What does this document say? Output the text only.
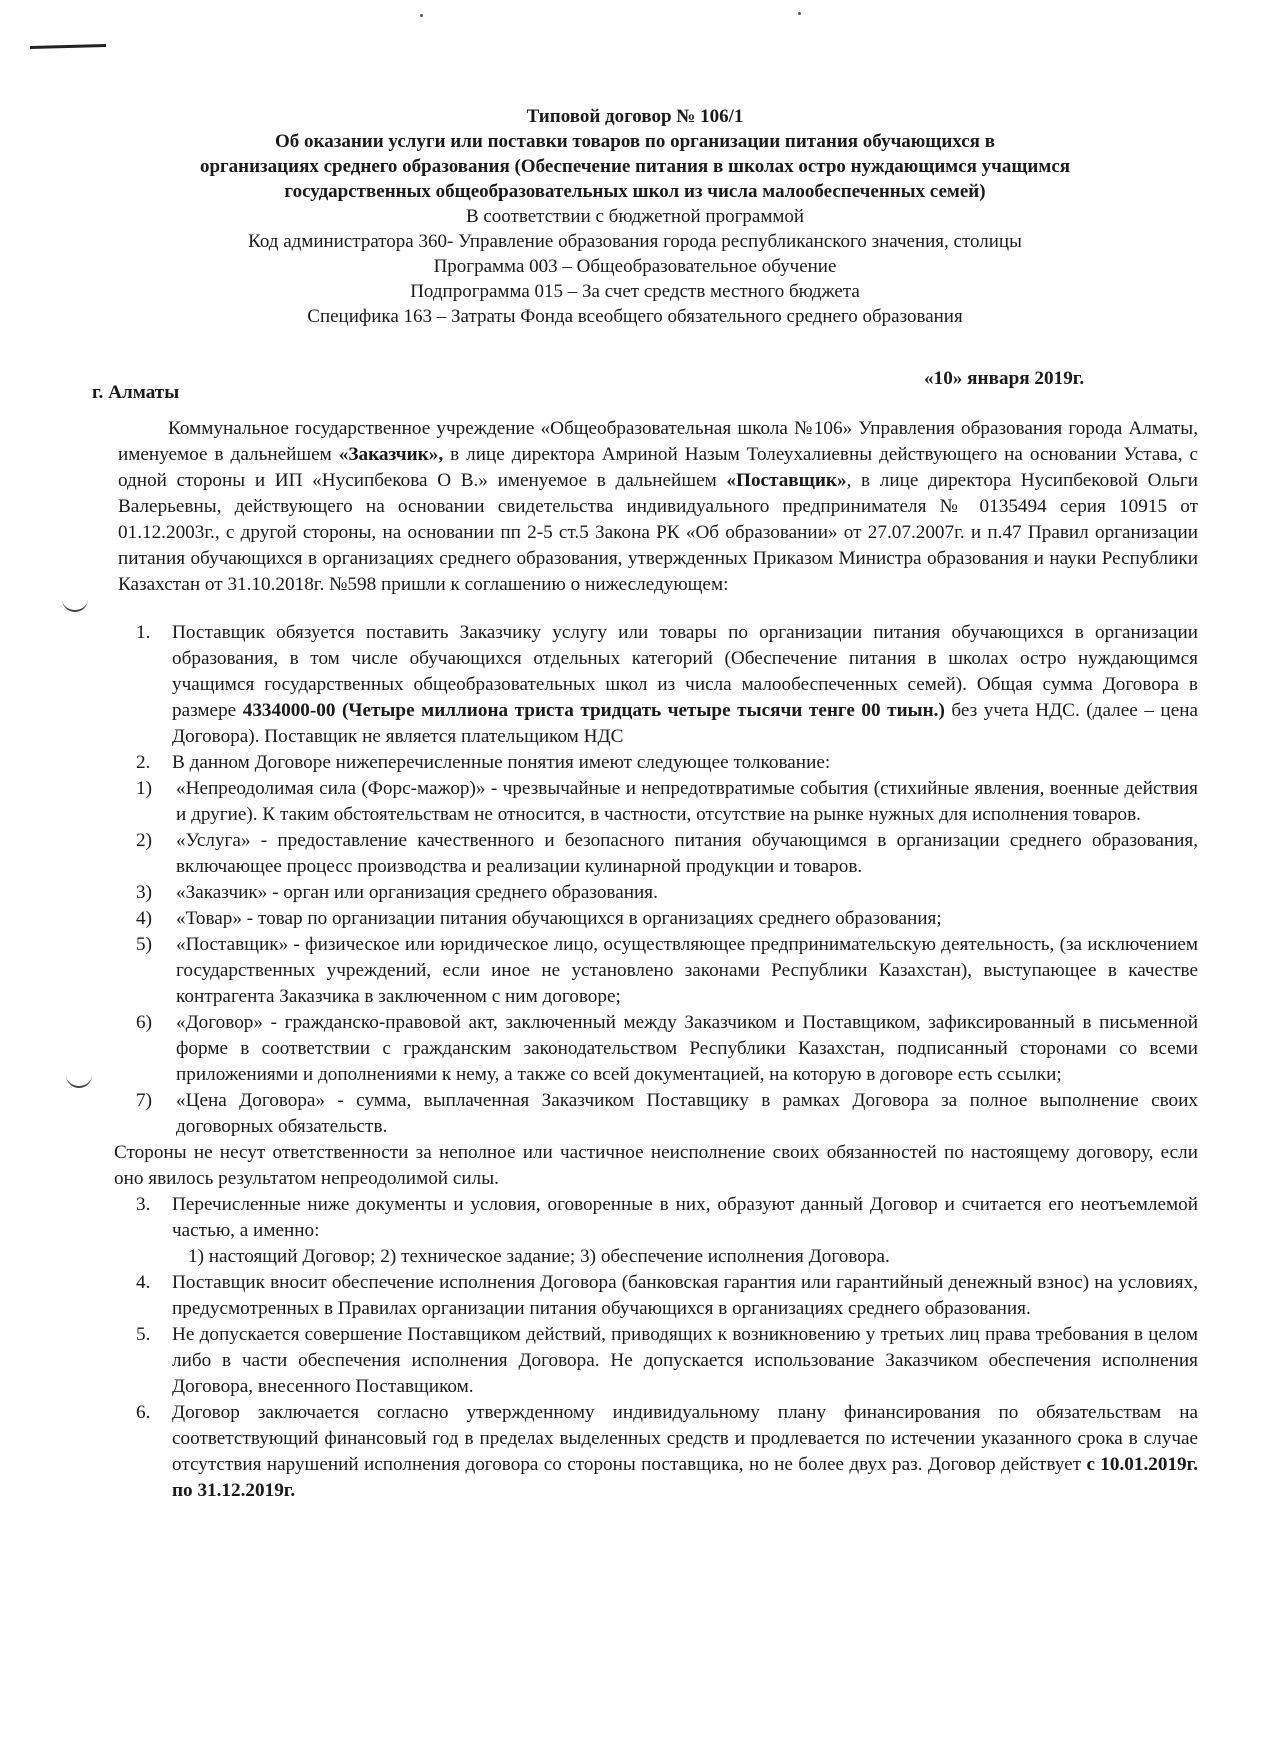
Типовой договор № 106/1
Об оказании услуги или поставки товаров по организации питания обучающихся в
организациях среднего образования (Обеспечение питания в школах остро нуждающимся учащимся
государственных общеобразовательных школ из числа малообеспеченных семей)
В соответствии с бюджетной программой
Код администратора 360- Управление образования города республиканского значения, столицы
Программа 003 – Общеобразовательное обучение
Подпрограмма 015 – За счет средств местного бюджета
Специфика 163 – Затраты Фонда всеобщего обязательного среднего образования
г. Алматы
«10» января 2019г.

Коммунальное государственное учреждение «Общеобразовательная школа №106» Управления образования города Алматы, именуемое в дальнейшем «Заказчик», в лице директора Амриной Назым Толеухалиевны действующего на основании Устава, с одной стороны и ИП «Нусипбекова О В.» именуемое в дальнейшем «Поставщик», в лице директора Нусипбековой Ольги Валерьевны, действующего на основании свидетельства индивидуального предпринимателя № 0135494 серия 10915 от 01.12.2003г., с другой стороны, на основании пп 2-5 ст.5 Закона РК «Об образовании» от 27.07.2007г. и п.47 Правил организации питания обучающихся в организациях среднего образования, утвержденных Приказом Министра образования и науки Республики Казахстан от 31.10.2018г. №598 пришли к соглашению о нижеследующем:

1. Поставщик обязуется поставить Заказчику услугу или товары по организации питания обучающихся в организации образования, в том числе обучающихся отдельных категорий (Обеспечение питания в школах остро нуждающимся учащимся государственных общеобразовательных школ из числа малообеспеченных семей). Общая сумма Договора в размере 4334000-00 (Четыре миллиона триста тридцать четыре тысячи тенге 00 тиын.) без учета НДС. (далее – цена Договора). Поставщик не является плательщиком НДС

2. В данном Договоре нижеперечисленные понятия имеют следующее толкование:

1) «Непреодолимая сила (Форс-мажор)» - чрезвычайные и непредотвратимые события (стихийные явления, военные действия и другие). К таким обстоятельствам не относится, в частности, отсутствие на рынке нужных для исполнения товаров.

2) «Услуга» - предоставление качественного и безопасного питания обучающимся в организации среднего образования, включающее процесс производства и реализации кулинарной продукции и товаров.

3) «Заказчик» - орган или организация среднего образования.

4) «Товар» - товар по организации питания обучающихся в организациях среднего образования;

5) «Поставщик» - физическое или юридическое лицо, осуществляющее предпринимательскую деятельность, (за исключением государственных учреждений, если иное не установлено законами Республики Казахстан), выступающее в качестве контрагента Заказчика в заключенном с ним договоре;

6) «Договор» - гражданско-правовой акт, заключенный между Заказчиком и Поставщиком, зафиксированный в письменной форме в соответствии с гражданским законодательством Республики Казахстан, подписанный сторонами со всеми приложениями и дополнениями к нему, а также со всей документацией, на которую в договоре есть ссылки;

7) «Цена Договора» - сумма, выплаченная Заказчиком Поставщику в рамках Договора за полное выполнение своих договорных обязательств.

Стороны не несут ответственности за неполное или частичное неисполнение своих обязанностей по настоящему договору, если оно явилось результатом непреодолимой силы.

3. Перечисленные ниже документы и условия, оговоренные в них, образуют данный Договор и считается его неотъемлемой частью, а именно:

1) настоящий Договор; 2) техническое задание; 3) обеспечение исполнения Договора.

4. Поставщик вносит обеспечение исполнения Договора (банковская гарантия или гарантийный денежный взнос) на условиях, предусмотренных в Правилах организации питания обучающихся в организациях среднего образования.

5. Не допускается совершение Поставщиком действий, приводящих к возникновению у третьих лиц права требования в целом либо в части обеспечения исполнения Договора. Не допускается использование Заказчиком обеспечения исполнения Договора, внесенного Поставщиком.

6. Договор заключается согласно утвержденному индивидуальному плану финансирования по обязательствам на соответствующий финансовый год в пределах выделенных средств и продлевается по истечении указанного срока в случае отсутствия нарушений исполнения договора со стороны поставщика, но не более двух раз. Договор действует с 10.01.2019г. по 31.12.2019г.
